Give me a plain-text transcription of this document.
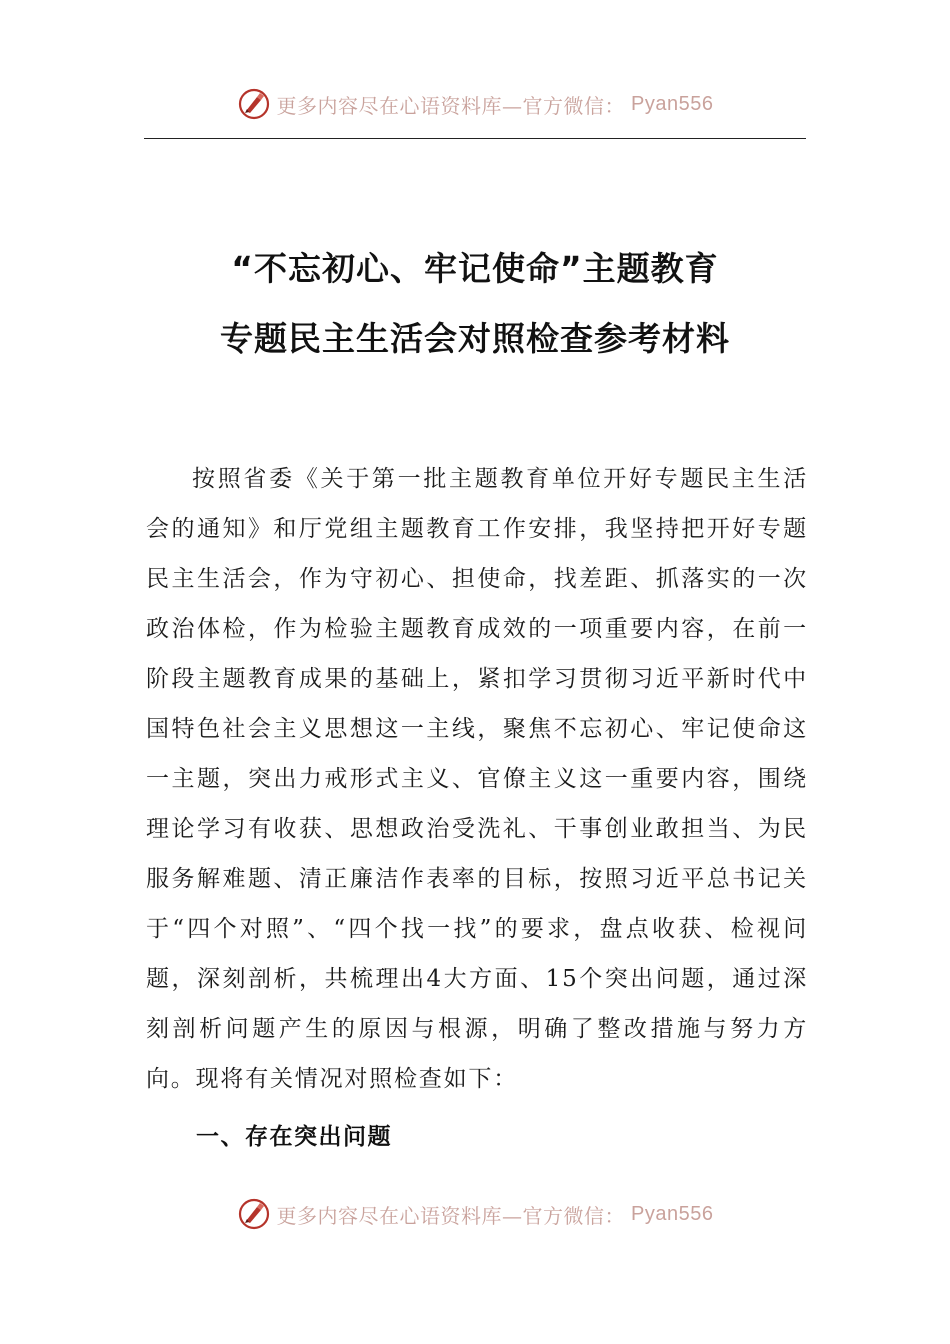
更多内容尽在心语资料库—官方微信： Pyan556
“不忘初心、牢记使命”主题教育
专题民主生活会对照检查参考材料
按照省委《关于第一批主题教育单位开好专题民主生活会的通知》和厅党组主题教育工作安排，我坚持把开好专题民主生活会，作为守初心、担使命，找差距、抓落实的一次政治体检，作为检验主题教育成效的一项重要内容，在前一阶段主题教育成果的基础上，紧扣学习贯彻习近平新时代中国特色社会主义思想这一主线，聚焦不忘初心、牢记使命这一主题，突出力戒形式主义、官僚主义这一重要内容，围绕理论学习有收获、思想政治受洗礼、干事创业敢担当、为民服务解难题、清正廉洁作表率的目标，按照习近平总书记关于“四个对照”、“四个找一找”的要求，盘点收获、检视问题，深刻剖析，共梳理出4大方面、15个突出问题，通过深刻剖析问题产生的原因与根源，明确了整改措施与努力方向。现将有关情况对照检查如下：
一、存在突出问题
更多内容尽在心语资料库—官方微信： Pyan556
